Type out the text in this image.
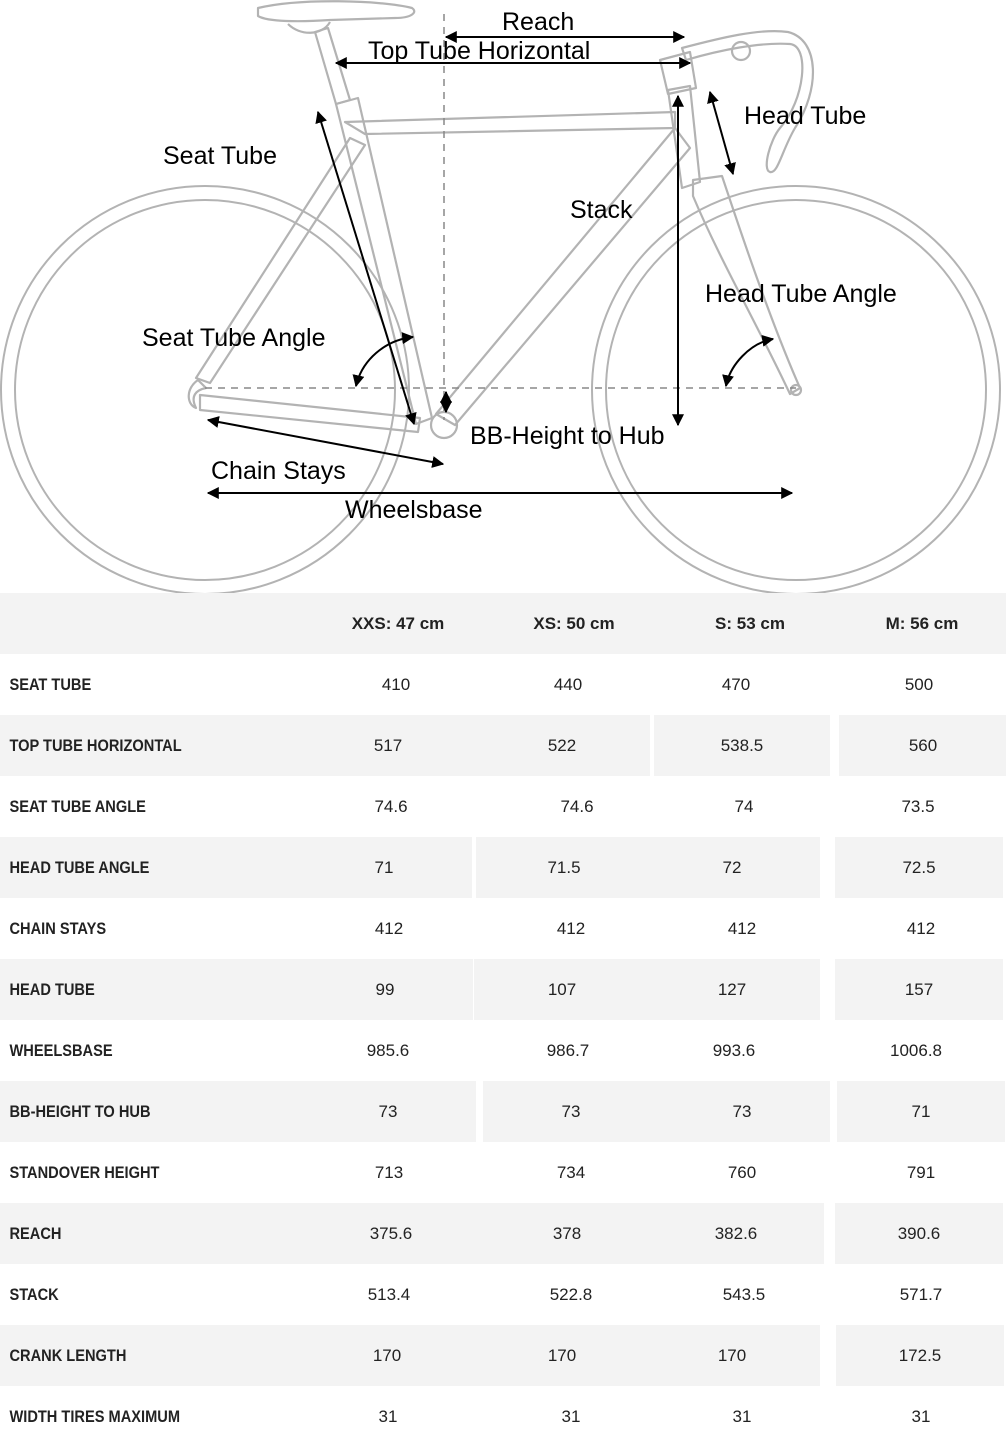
Reach
Top Tube Horizontal
Head Tube
Seat Tube
Stack
Head Tube Angle
Seat Tube Angle
BB-Height to Hub
Chain Stays
Wheelsbase
	XXS: 47 cm	XS: 50 cm	S: 53 cm	M: 56 cm
SEAT TUBE	410	440	470	500
TOP TUBE HORIZONTAL	517	522	538.5	560
SEAT TUBE ANGLE	74.6	74.6	74	73.5
HEAD TUBE ANGLE	71	71.5	72	72.5
CHAIN STAYS	412	412	412	412
HEAD TUBE	99	107	127	157
WHEELSBASE	985.6	986.7	993.6	1006.8
BB-HEIGHT TO HUB	73	73	73	71
STANDOVER HEIGHT	713	734	760	791
REACH	375.6	378	382.6	390.6
STACK	513.4	522.8	543.5	571.7
CRANK LENGTH	170	170	170	172.5
WIDTH TIRES MAXIMUM	31	31	31	31
